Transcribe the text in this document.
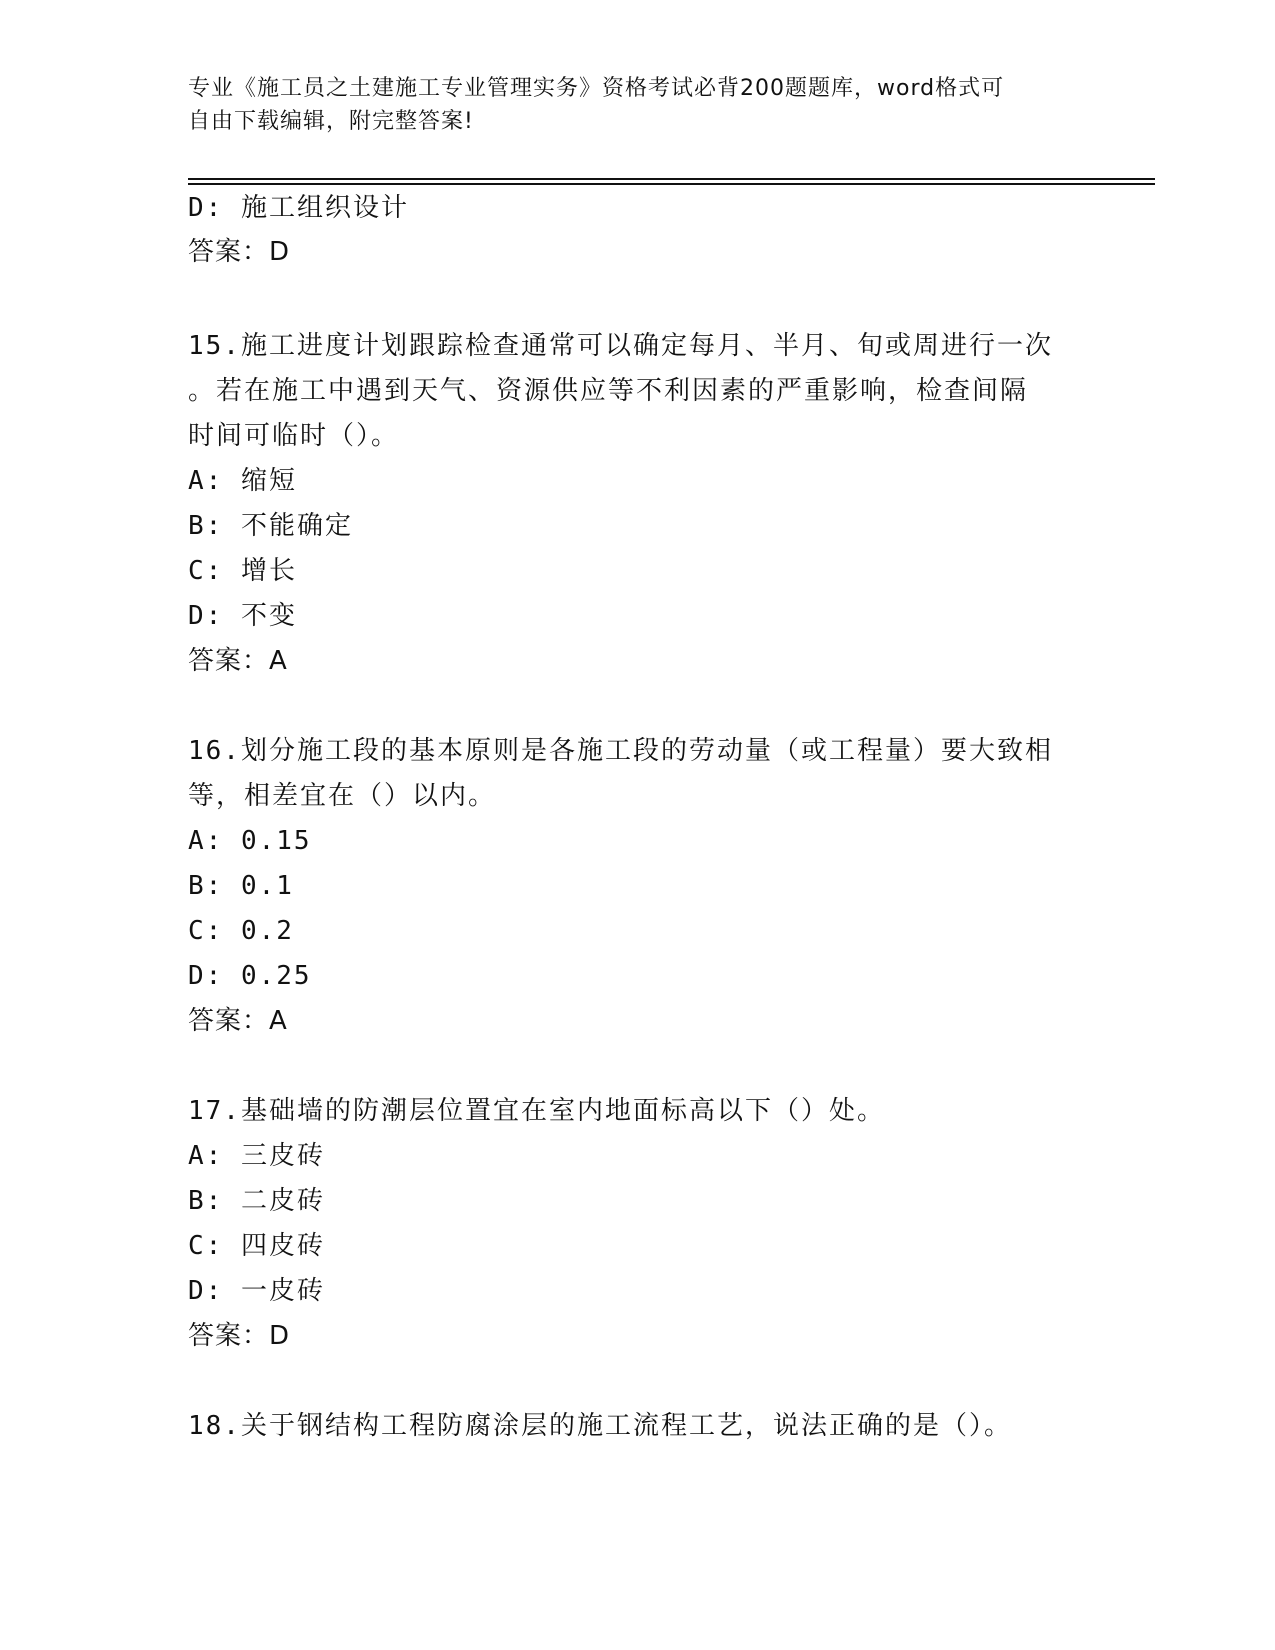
专业《施工员之土建施工专业管理实务》资格考试必背200题题库，word格式可
自由下载编辑，附完整答案!
D: 施工组织设计
答案：D
15.施工进度计划跟踪检查通常可以确定每月、半月、旬或周进行一次
。若在施工中遇到天气、资源供应等不利因素的严重影响，检查间隔
时间可临时（）。
A: 缩短
B: 不能确定
C: 增长
D: 不变
答案：A
16.划分施工段的基本原则是各施工段的劳动量（或工程量）要大致相
等，相差宜在（）以内。
A: 0.15
B: 0.1
C: 0.2
D: 0.25
答案：A
17.基础墙的防潮层位置宜在室内地面标高以下（）处。
A: 三皮砖
B: 二皮砖
C: 四皮砖
D: 一皮砖
答案：D
18.关于钢结构工程防腐涂层的施工流程工艺，说法正确的是（）。
